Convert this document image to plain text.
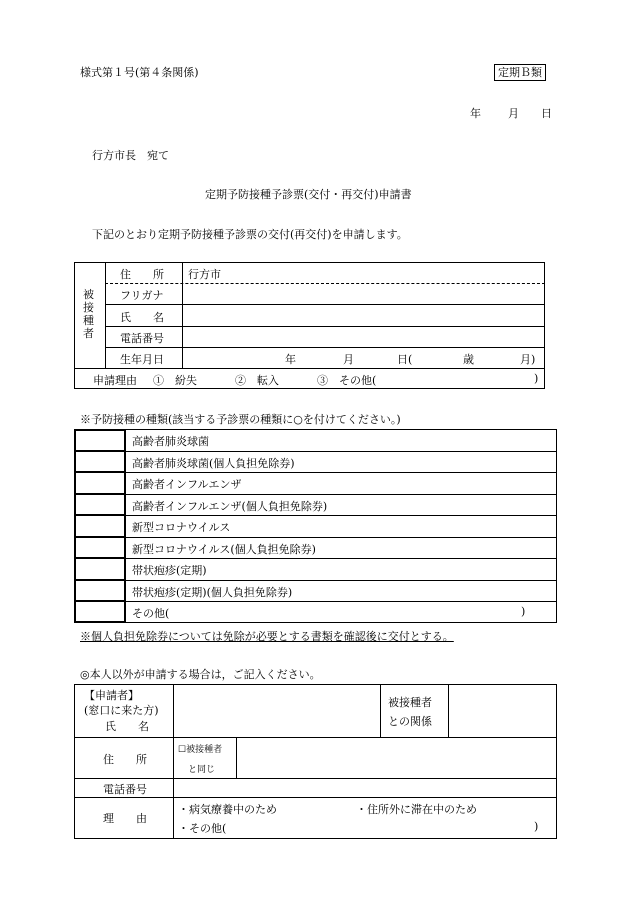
様式第１号(第４条関係)	定期Ｂ類
年 月 日
行方市長　宛て
定期予防接種予診票(交付・再交付)申請書
下記のとおり定期予防接種予診票の交付(再交付)を申請します。
被接種者
住　　所 行方市
フリガナ
氏　　名
電話番号
生年月日	年	月	日(	歳	月)
申請理由 ①　紛失	②　転入	③　その他(	)
※予防接種の種類(該当する予診票の種類に○を付けてください。)
高齢者肺炎球菌
高齢者肺炎球菌(個人負担免除券)
高齢者インフルエンザ
高齢者インフルエンザ(個人負担免除券)
新型コロナウイルス
新型コロナウイルス(個人負担免除券)
帯状疱疹(定期)
帯状疱疹(定期)(個人負担免除券)
その他(	)
※個人負担免除券については免除が必要とする書類を確認後に交付とする。
◎本人以外が申請する場合は，ご記入ください。
【申請者】
(窓口に来た方)
氏　　名
被接種者
との関係
住　　所
☐被接種者
と同じ
電話番号
理　　由
・病気療養中のため	・住所外に滞在中のため
・その他(	)
